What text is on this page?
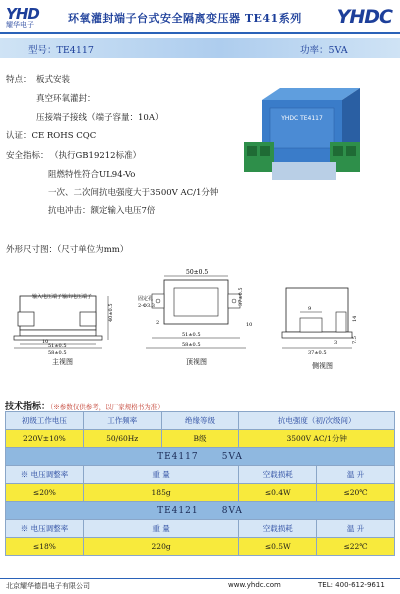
YHD
耀华电子	环氧灌封端子台式安全隔离变压器 TE41系列 YHDC
型号：TE4117	功率：5VA
特点： 板式安装
真空环氧灌封：
压接端子接线（端子容量：10A）
认证：CE ROHS CQC
安全指标： （执行GB19212标准）
阻燃特性符合UL94-Vo
一次、二次间抗电强度大于3500V AC/1分钟
抗电冲击：额定输入电压7倍
YHDC TE4117
外形尺寸图：（尺寸单位为mm）
输入电压端子 输出电压端子
10
51±0.5
58±0.5
40±0.5
主视图
50±0.5
固定孔
2-Φ3.3	37±0.5
10
2
51±0.5
58±0.5
顶视图
9
14
7.5
3
37±0.5
侧视图
技术指标：（※参数仅供参考，以厂家规格书为准）
初级工作电压	工作频率	绝缘等级	抗电强度（初/次级间）	
220V±10%	50/60Hz	B级	3500V AC/1分钟	
TE4117 5VA				
※ 电压调整率	重 量		空载损耗	温 升
≤20%	185g		≤0.4W	≤20℃
TE4121 8VA				
※ 电压调整率	重 量		空载损耗	温 升
≤18%	220g		≤0.5W	≤22℃
北京耀华德昌电子有限公司	www.yhdc.com	TEL: 400-612-9611
